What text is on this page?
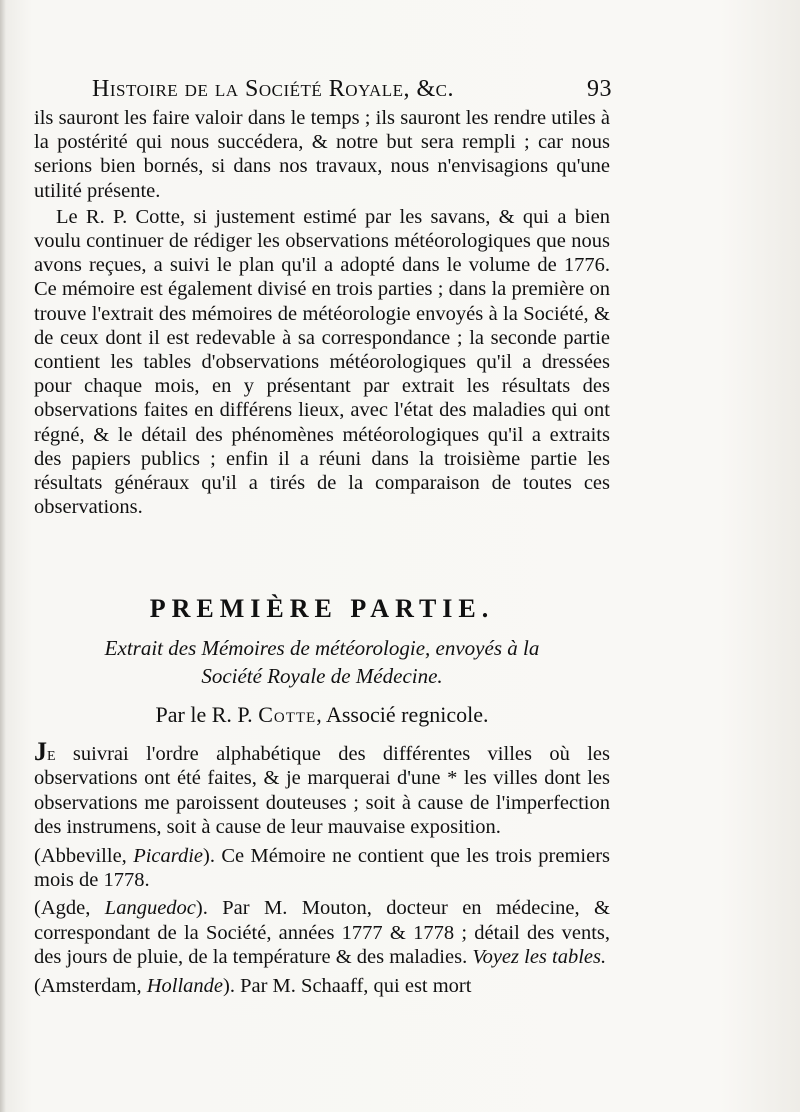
Histoire de la Société Royale, &c.	93

ils sauront les faire valoir dans le temps ; ils sauront les rendre utiles à la postérité qui nous succédera, & notre but sera rempli ; car nous serions bien bornés, si dans nos travaux, nous n'envisagions qu'une utilité présente.

Le R. P. Cotte, si justement estimé par les savans, & qui a bien voulu continuer de rédiger les observations météorologiques que nous avons reçues, a suivi le plan qu'il a adopté dans le volume de 1776. Ce mémoire est également divisé en trois parties ; dans la première on trouve l'extrait des mémoires de météorologie envoyés à la Société, & de ceux dont il est redevable à sa correspondance ; la seconde partie contient les tables d'observations météorologiques qu'il a dressées pour chaque mois, en y présentant par extrait les résultats des observations faites en différens lieux, avec l'état des maladies qui ont régné, & le détail des phénomènes météorologiques qu'il a extraits des papiers publics ; enfin il a réuni dans la troisième partie les résultats généraux qu'il a tirés de la comparaison de toutes ces observations.

PREMIÈRE PARTIE.
Extrait des Mémoires de météorologie, envoyés à la
Société Royale de Médecine.
Par le R. P. Cotte, Associé regnicole.

Je suivrai l'ordre alphabétique des différentes villes où les observations ont été faites, & je marquerai d'une * les villes dont les observations me paroissent douteuses ; soit à cause de l'imperfection des instrumens, soit à cause de leur mauvaise exposition.

(Abbeville, Picardie). Ce Mémoire ne contient que les trois premiers mois de 1778.

(Agde, Languedoc). Par M. Mouton, docteur en médecine, & correspondant de la Société, années 1777 & 1778 ; détail des vents, des jours de pluie, de la température & des maladies. Voyez les tables.

(Amsterdam, Hollande). Par M. Schaaff, qui est mort
